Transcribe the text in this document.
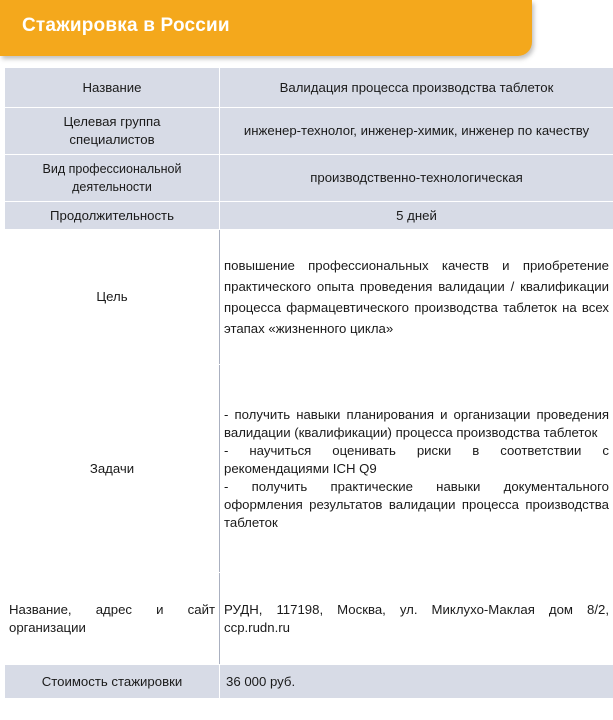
Стажировка в России
Название	Валидация процесса производства таблеток
Целевая группа специалистов	инженер-технолог, инженер-химик, инженер по качеству
Вид профессиональной деятельности	производственно-технологическая
Продолжительность	5 дней
Цель	повышение профессиональных качеств и приобретение практического опыта проведения валидации / квалификации процесса фармацевтического производства таблеток на всех этапах «жизненного цикла»
Задачи	- получить навыки планирования и организации проведения валидации (квалификации) процесса производства таблеток
- научиться оценивать риски в соответствии с рекомендациями ICH Q9
- получить практические навыки документального оформления результатов валидации процесса производства таблеток
Название, адрес и сайт организации	РУДН, 117198, Москва, ул. Миклухо-Маклая дом 8/2, ccp.rudn.ru
Стоимость стажировки	36 000 руб.
